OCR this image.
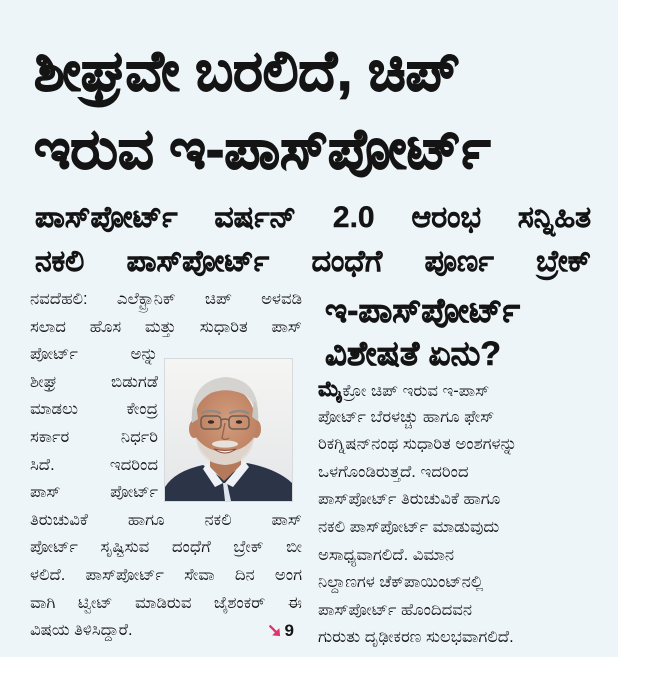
ಶೀಘ್ರವೇ ಬರಲಿದೆ, ಚಿಪ್
ಇರುವ ಇ-ಪಾಸ್‌ಪೋರ್ಟ್
ಪಾಸ್‌ಪೋರ್ಟ್ ವರ್ಷನ್ 2.0 ಆರಂಭ ಸನ್ನಿಹಿತ
ನಕಲಿ ಪಾಸ್‌ಪೋರ್ಟ್ ದಂಧೆಗೆ ಪೂರ್ಣ ಬ್ರೇಕ್
ನವದೆಹಲಿ: ಎಲೆಕ್ಟ್ರಾನಿಕ್ ಚಿಪ್ ಅಳವಡಿ
ಸಲಾದ ಹೊಸ ಮತ್ತು ಸುಧಾರಿತ ಪಾಸ್
ಪೋರ್ಟ್ ಅನ್ನು
ಶೀಘ್ರ ಬಿಡುಗಡೆ
ಮಾಡಲು ಕೇಂದ್ರ
ಸರ್ಕಾರ ನಿರ್ಧರಿ
ಸಿದೆ. ಇದರಿಂದ
ಪಾಸ್ ಪೋರ್ಟ್
ತಿರುಚುವಿಕೆ ಹಾಗೂ ನಕಲಿ ಪಾಸ್
ಪೋರ್ಟ್ ಸೃಷ್ಟಿಸುವ ದಂಧೆಗೆ ಬ್ರೇಕ್ ಬೀ
ಳಲಿದೆ. ಪಾಸ್‌ಪೋರ್ಟ್ ಸೇವಾ ದಿನ ಅಂಗ
ವಾಗಿ ಟ್ವೀಟ್ ಮಾಡಿರುವ ಜೈಶಂಕರ್ ಈ
ವಿಷಯ ತಿಳಿಸಿದ್ದಾರೆ.	9
ಇ-ಪಾಸ್‌ಪೋರ್ಟ್
ವಿಶೇಷತೆ ಏನು?
ಮೈಕ್ರೋ ಚಿಪ್ ಇರುವ ಇ-ಪಾಸ್
ಪೋರ್ಟ್ ಬೆರಳಚ್ಚು ಹಾಗೂ ಫೇಸ್
ರಿಕಗ್ನಿಷನ್‌ನಂಥ ಸುಧಾರಿತ ಅಂಶಗಳನ್ನು
ಒಳಗೊಂಡಿರುತ್ತದೆ. ಇದರಿಂದ
ಪಾಸ್‌ಪೋರ್ಟ್ ತಿರುಚುವಿಕೆ ಹಾಗೂ
ನಕಲಿ ಪಾಸ್‌ಪೋರ್ಟ್ ಮಾಡುವುದು
ಅಸಾಧ್ಯವಾಗಲಿದೆ. ವಿಮಾನ
ನಿಲ್ದಾಣಗಳ ಚೆಕ್‌ಪಾಯಿಂಟ್‌ನಲ್ಲಿ
ಪಾಸ್‌ಪೋರ್ಟ್ ಹೊಂದಿದವನ
ಗುರುತು ದೃಢೀಕರಣ ಸುಲಭವಾಗಲಿದೆ.
